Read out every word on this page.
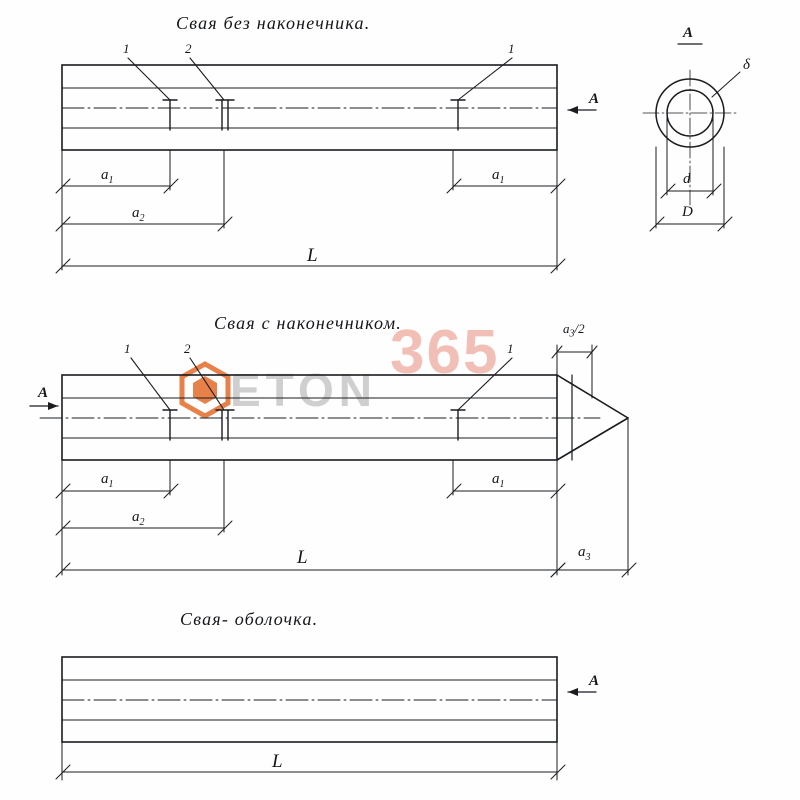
365
ETON
Свая без наконечника.
Свая с наконечником.
Свая- оболочка.
А
δ
d
D
1	2	1
А
$a_1$	$a_1$
$a_2$
L
1	2	1
А
$a_3/2$
$a_1$	$a_1$
$a_2$
L	$a_3$
А
L
